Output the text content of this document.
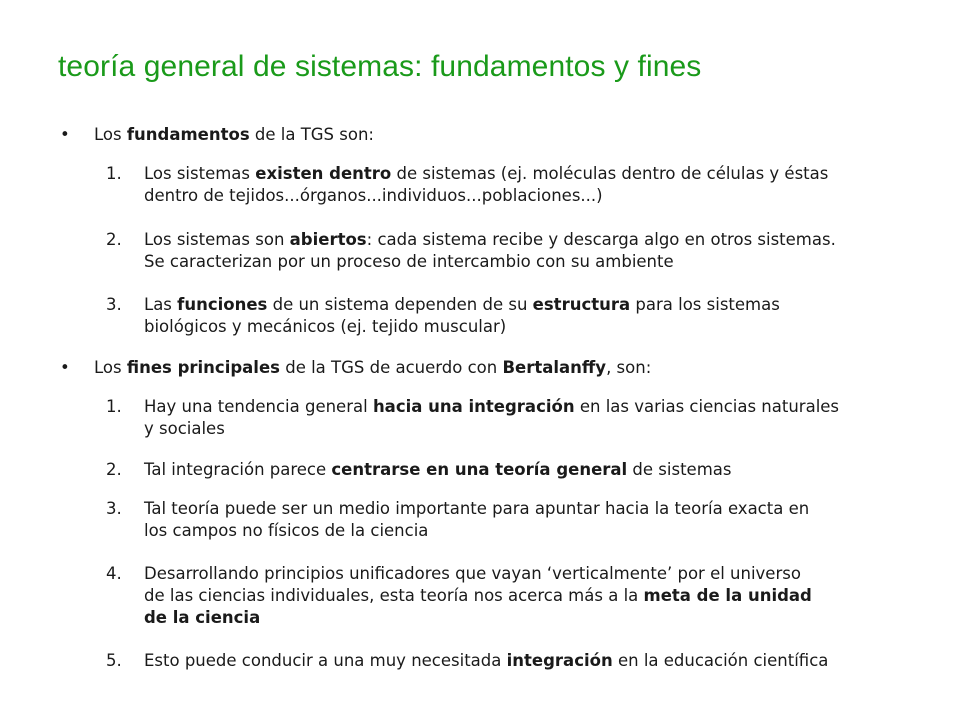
teoría general de sistemas: fundamentos y fines
• Los fundamentos de la TGS son:
1.	Los sistemas existen dentro de sistemas (ej. moléculas dentro de células y éstas
dentro de tejidos...órganos...individuos...poblaciones...)
2.	Los sistemas son abiertos: cada sistema recibe y descarga algo en otros sistemas.
Se caracterizan por un proceso de intercambio con su ambiente
3.	Las funciones de un sistema dependen de su estructura para los sistemas
biológicos y mecánicos (ej. tejido muscular)
• Los fines principales de la TGS de acuerdo con Bertalanffy, son:
1.	Hay una tendencia general hacia una integración en las varias ciencias naturales
y sociales
2.	Tal integración parece centrarse en una teoría general de sistemas
3.	Tal teoría puede ser un medio importante para apuntar hacia la teoría exacta en
los campos no físicos de la ciencia
4.	Desarrollando principios unificadores que vayan ‘verticalmente’ por el universo
de las ciencias individuales, esta teoría nos acerca más a la meta de la unidad
de la ciencia
5.	Esto puede conducir a una muy necesitada integración en la educación científica
